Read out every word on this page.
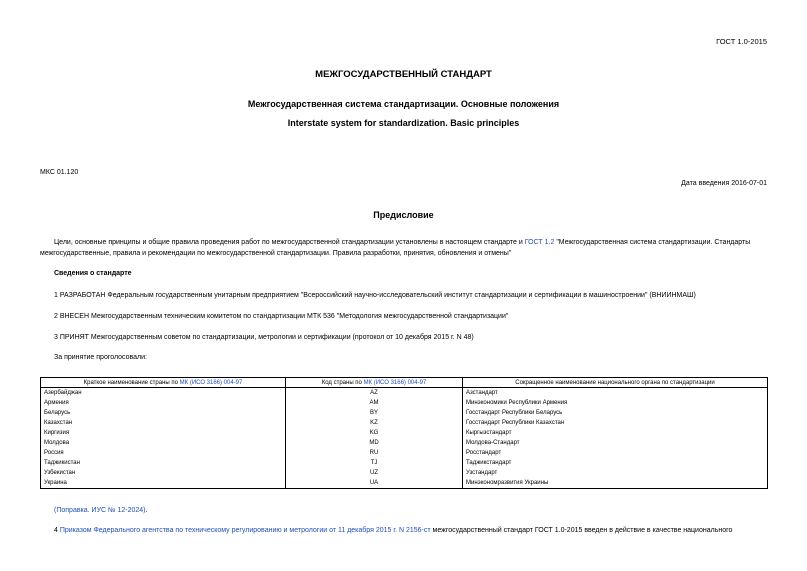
ГОСТ 1.0-2015
МЕЖГОСУДАРСТВЕННЫЙ СТАНДАРТ
Межгосударственная система стандартизации. Основные положения
Interstate system for standardization. Basic principles
МКС 01.120
Дата введения 2016-07-01
Предисловие
Цели, основные принципы и общие правила проведения работ по межгосударственной стандартизации установлены в настоящем стандарте и ГОСТ 1.2 "Межгосударственная система стандартизации. Стандарты межгосударственные, правила и рекомендации по межгосударственной стандартизации. Правила разработки, принятия, обновления и отмены"
Сведения о стандарте
1 РАЗРАБОТАН Федеральным государственным унитарным предприятием "Всероссийский научно-исследовательский институт стандартизации и сертификации в машиностроении" (ВНИИНМАШ)
2 ВНЕСЕН Межгосударственным техническим комитетом по стандартизации МТК 536 "Методология межгосударственной стандартизации"
3 ПРИНЯТ Межгосударственным советом по стандартизации, метрологии и сертификации (протокол от 10 декабря 2015 г. N 48)
За принятие проголосовали:
Краткое наименование страны по МК (ИСО 3166) 004-97	Код страны по МК (ИСО 3166) 004-97	Сокращенное наименование национального органа по стандартизации
Азербайджан	AZ	Азстандарт
Армения	AM	Минэкономики Республики Армения
Беларусь	BY	Госстандарт Республики Беларусь
Казахстан	KZ	Госстандарт Республики Казахстан
Киргизия	KG	Кыргызстандарт
Молдова	MD	Молдова-Стандарт
Россия	RU	Росстандарт
Таджикистан	TJ	Таджикстандарт
Узбекистан	UZ	Узстандарт
Украина	UA	Минэкономразвития Украины
(Поправка. ИУС № 12-2024).
4 Приказом Федерального агентства по техническому регулированию и метрологии от 11 декабря 2015 г. N 2156-ст межгосударственный стандарт ГОСТ 1.0-2015 введен в действие в качестве национального
